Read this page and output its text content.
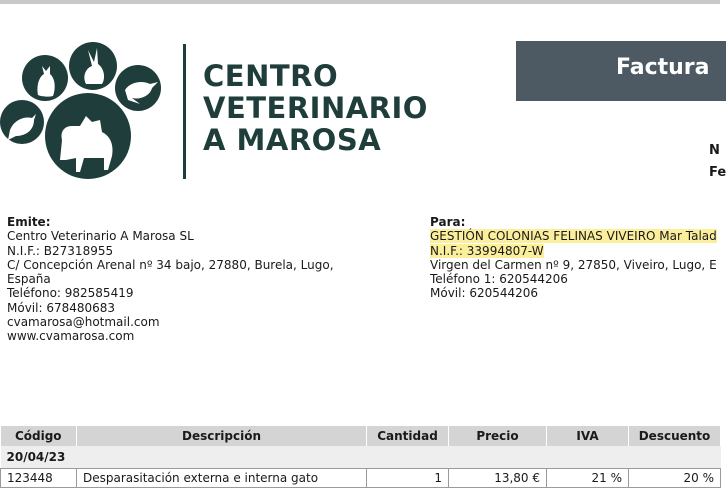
CENTRO
VETERINARIO
A MAROSA
Factura
N
Fe
Emite:
Centro Veterinario A Marosa SL
N.I.F.: B27318955
C/ Concepción Arenal nº 34 bajo, 27880, Burela, Lugo,
España
Teléfono: 982585419
Móvil: 678480683
cvamarosa@hotmail.com
www.cvamarosa.com
Para:
GESTIÓN COLONIAS FELINAS VIVEIRO Mar Talad
N.I.F.: 33994807-W
Virgen del Carmen nº 9, 27850, Viveiro, Lugo, E
Teléfono 1: 620544206
Móvil: 620544206
Código	Descripción	Cantidad	Precio	IVA	Descuento
20/04/23					
123448	Desparasitación externa e interna gato	1	13,80 €	21 %	20 %
